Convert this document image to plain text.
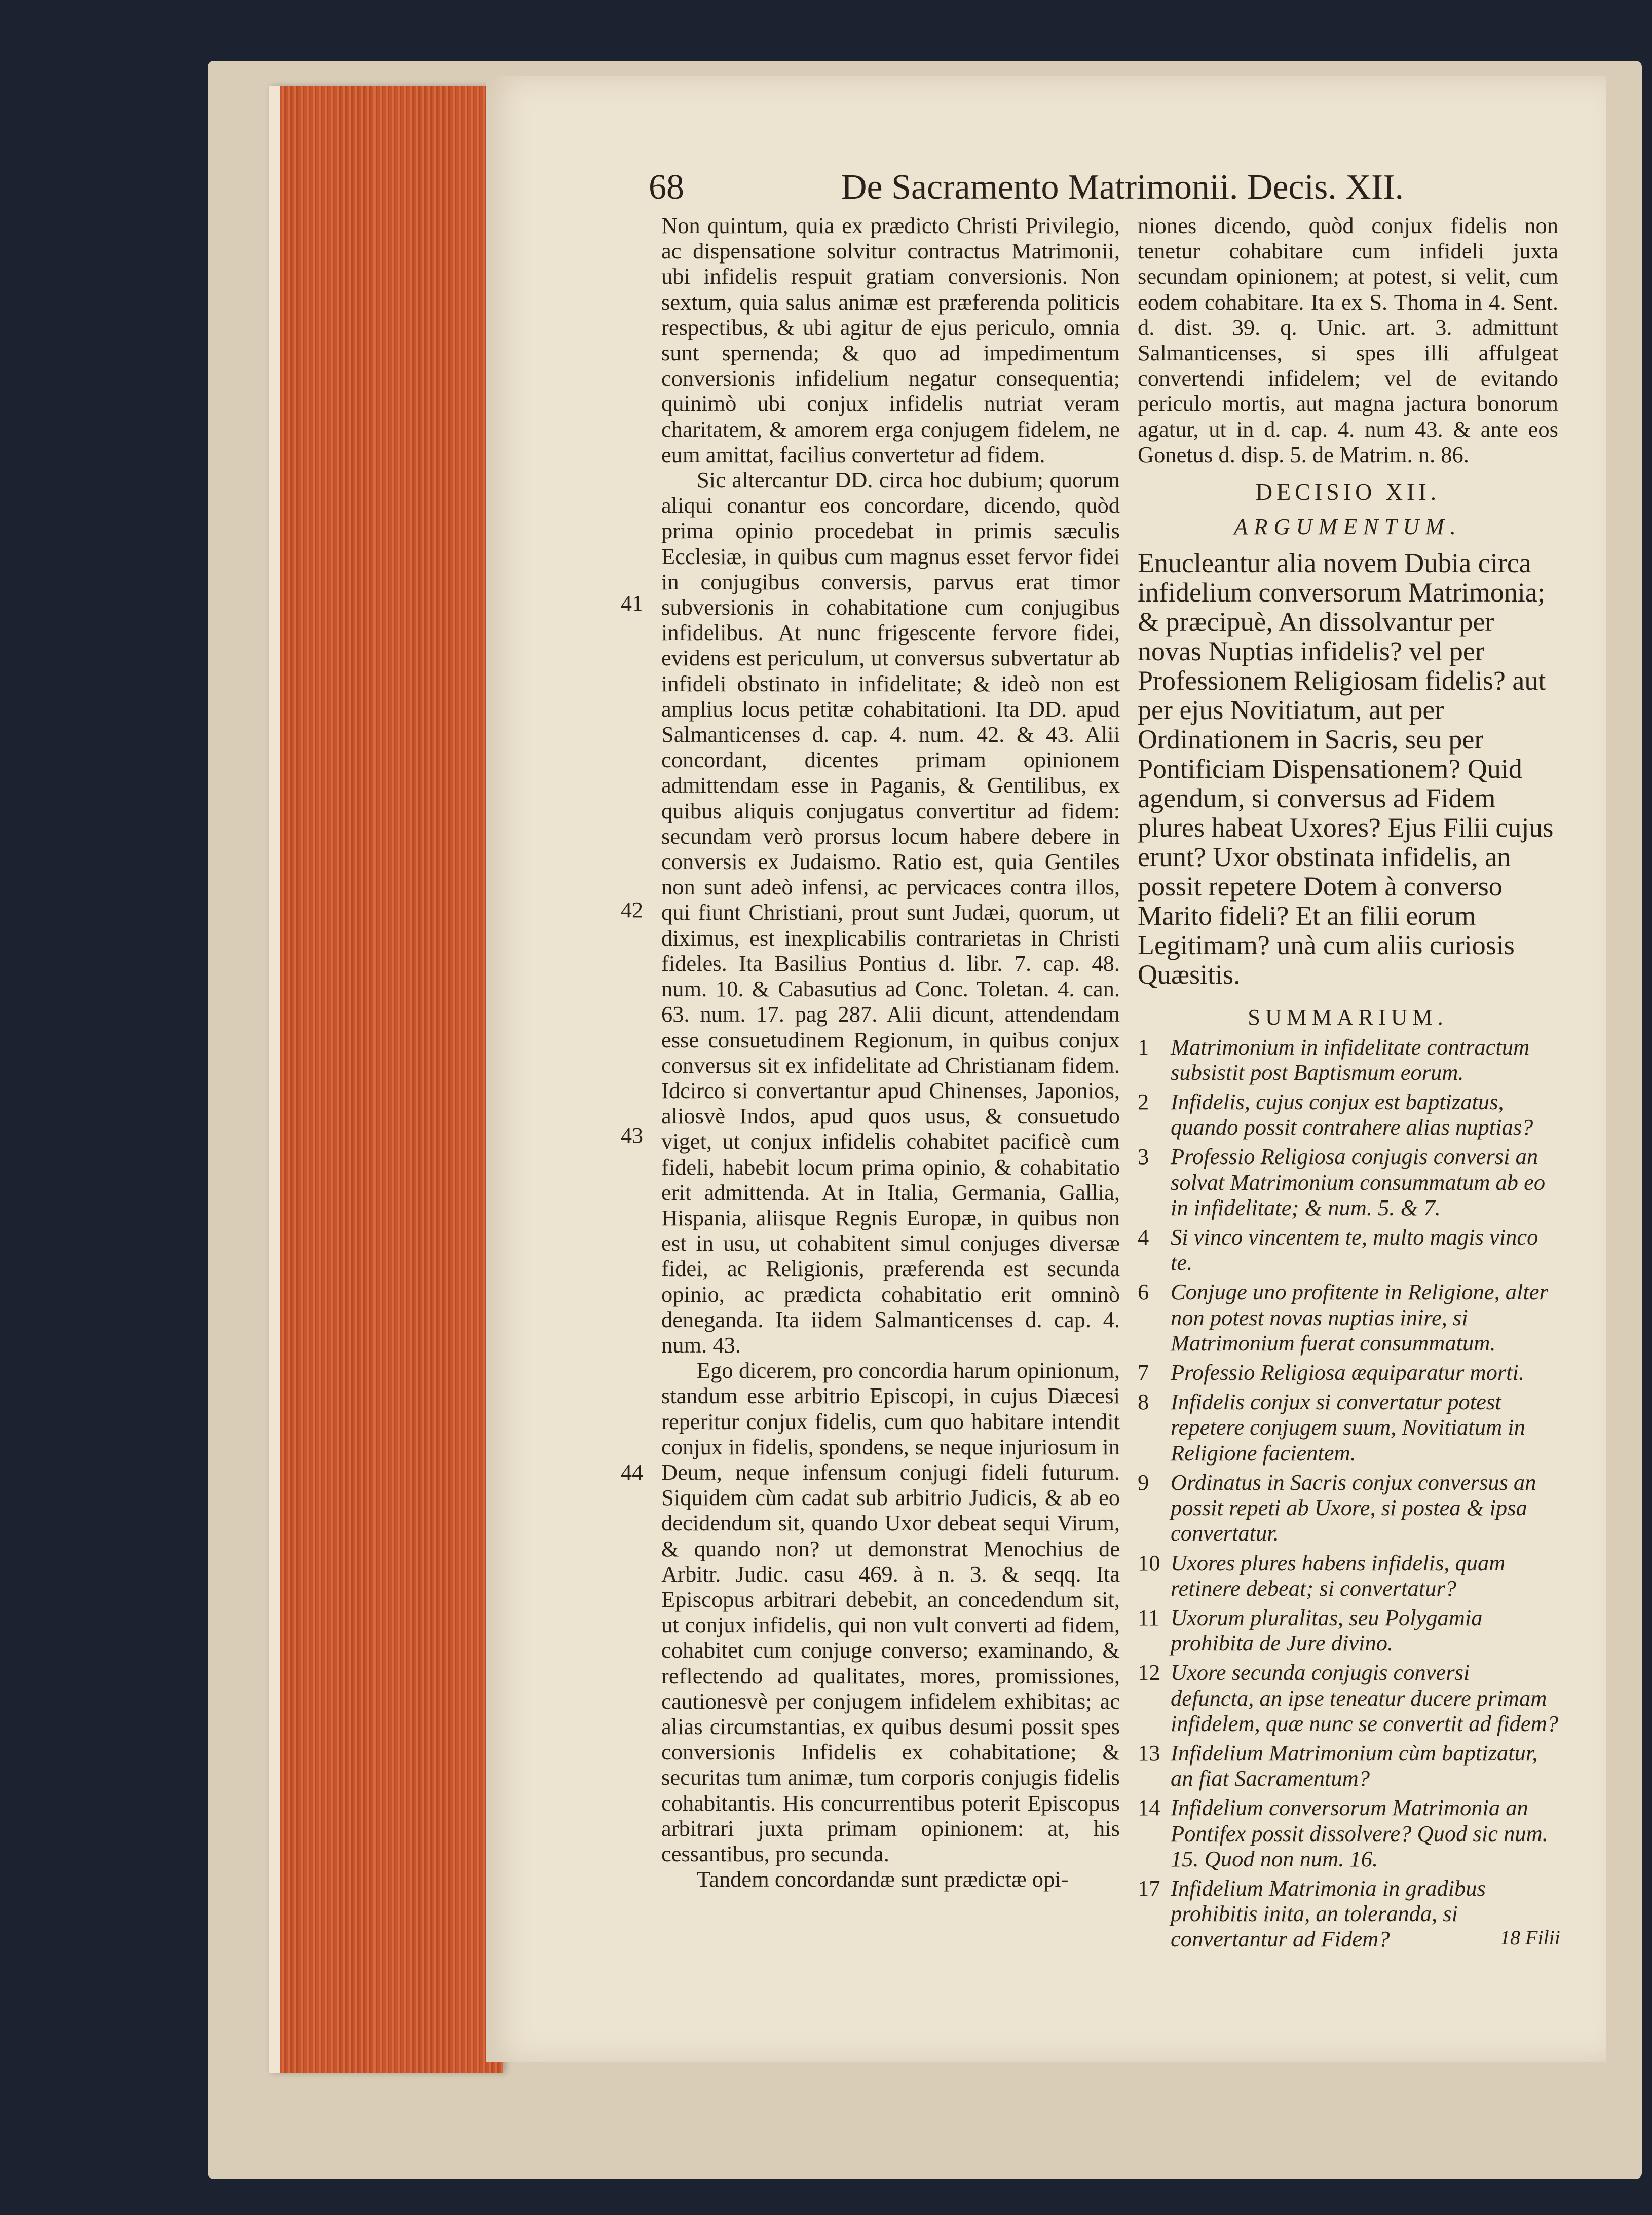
68	De Sacramento Matrimonii. Decis. XII.

Non quintum, quia ex prædicto Christi Privilegio, ac dispensatione solvitur contractus Matrimonii, ubi infidelis respuit gratiam conversionis. Non sextum, quia salus animæ est præferenda politicis respectibus, & ubi agitur de ejus periculo, omnia sunt spernenda; & quo ad impedimentum conversionis infidelium negatur consequentia; quinimò ubi conjux infidelis nutriat veram charitatem, & amorem erga conjugem fidelem, ne eum amittat, facilius convertetur ad fidem.

Sic altercantur DD. circa hoc dubium; quorum aliqui conantur eos concordare, dicendo, quòd prima opinio procedebat in primis sæculis Ecclesiæ, in quibus cum magnus esset fervor fidei in conjugibus conversis, parvus erat timor subversionis in cohabitatione cum conjugibus infidelibus. At nunc frigescente fervore fidei, evidens est periculum, ut conversus subvertatur ab infideli obstinato in infidelitate; & ideò non est amplius locus petitæ cohabitationi. Ita DD. apud Salmanticenses d. cap. 4. num. 42. & 43. Alii concordant, dicentes primam opinionem admittendam esse in Paganis, & Gentilibus, ex quibus aliquis conjugatus convertitur ad fidem: secundam verò prorsus locum habere debere in conversis ex Judaismo. Ratio est, quia Gentiles non sunt adeò infensi, ac pervicaces contra illos, qui fiunt Christiani, prout sunt Judæi, quorum, ut diximus, est inexplicabilis contrarietas in Christi fideles. Ita Basilius Pontius d. libr. 7. cap. 48. num. 10. & Cabasutius ad Conc. Toletan. 4. can. 63. num. 17. pag 287. Alii dicunt, attendendam esse consuetudinem Regionum, in quibus conjux conversus sit ex infidelitate ad Christianam fidem. Idcirco si convertantur apud Chinenses, Japonios, aliosvè Indos, apud quos usus, & consuetudo viget, ut conjux infidelis cohabitet pacificè cum fideli, habebit locum prima opinio, & cohabitatio erit admittenda. At in Italia, Germania, Gallia, Hispania, aliisque Regnis Europæ, in quibus non est in usu, ut cohabitent simul conjuges diversæ fidei, ac Religionis, præferenda est secunda opinio, ac prædicta cohabitatio erit omninò deneganda. Ita iidem Salmanticenses d. cap. 4. num. 43.

Ego dicerem, pro concordia harum opinionum, standum esse arbitrio Episcopi, in cujus Diæcesi reperitur conjux fidelis, cum quo habitare intendit conjux in fidelis, spondens, se neque injuriosum in Deum, neque infensum conjugi fideli futurum. Siquidem cùm cadat sub arbitrio Judicis, & ab eo decidendum sit, quando Uxor debeat sequi Virum, & quando non? ut demonstrat Menochius de Arbitr. Judic. casu 469. à n. 3. & seqq. Ita Episcopus arbitrari debebit, an concedendum sit, ut conjux infidelis, qui non vult converti ad fidem, cohabitet cum conjuge converso; examinando, & reflectendo ad qualitates, mores, promissiones, cautionesvè per conjugem infidelem exhibitas; ac alias circumstantias, ex quibus desumi possit spes conversionis Infidelis ex cohabitatione; & securitas tum animæ, tum corporis conjugis fidelis cohabitantis. His concurrentibus poterit Episcopus arbitrari juxta primam opinionem: at, his cessantibus, pro secunda.

Tandem concordandæ sunt prædictæ opi-

41
42
43
44

niones dicendo, quòd conjux fidelis non tenetur cohabitare cum infideli juxta secundam opinionem; at potest, si velit, cum eodem cohabitare. Ita ex S. Thoma in 4. Sent. d. dist. 39. q. Unic. art. 3. admittunt Salmanticenses, si spes illi affulgeat convertendi infidelem; vel de evitando periculo mortis, aut magna jactura bonorum agatur, ut in d. cap. 4. num 43. & ante eos Gonetus d. disp. 5. de Matrim. n. 86.

DECISIO XII.

ARGUMENTUM.

Enucleantur alia novem Dubia circa infidelium conversorum Matrimonia; & præcipuè, An dissolvantur per novas Nuptias infidelis? vel per Professionem Religiosam fidelis? aut per ejus Novitiatum, aut per Ordinationem in Sacris, seu per Pontificiam Dispensationem? Quid agendum, si conversus ad Fidem plures habeat Uxores? Ejus Filii cujus erunt? Uxor obstinata infidelis, an possit repetere Dotem à converso Marito fideli? Et an filii eorum Legitimam? unà cum aliis curiosis Quæsitis.

SUMMARIUM.

1 Matrimonium in infidelitate contractum subsistit post Baptismum eorum.
2 Infidelis, cujus conjux est baptizatus, quando possit contrahere alias nuptias?
3 Professio Religiosa conjugis conversi an solvat Matrimonium consummatum ab eo in infidelitate; & num. 5. & 7.
4 Si vinco vincentem te, multo magis vinco te.
6 Conjuge uno profitente in Religione, alter non potest novas nuptias inire, si Matrimonium fuerat consummatum.
7 Professio Religiosa æquiparatur morti.
8 Infidelis conjux si convertatur potest repetere conjugem suum, Novitiatum in Religione facientem.
9 Ordinatus in Sacris conjux conversus an possit repeti ab Uxore, si postea & ipsa convertatur.
10 Uxores plures habens infidelis, quam retinere debeat; si convertatur?
11 Uxorum pluralitas, seu Polygamia prohibita de Jure divino.
12 Uxore secunda conjugis conversi defuncta, an ipse teneatur ducere primam infidelem, quæ nunc se convertit ad fidem?
13 Infidelium Matrimonium cùm baptizatur, an fiat Sacramentum?
14 Infidelium conversorum Matrimonia an Pontifex possit dissolvere? Quod sic num. 15. Quod non num. 16.
17 Infidelium Matrimonia in gradibus prohibitis inita, an toleranda, si convertantur ad Fidem?	18 Filii
